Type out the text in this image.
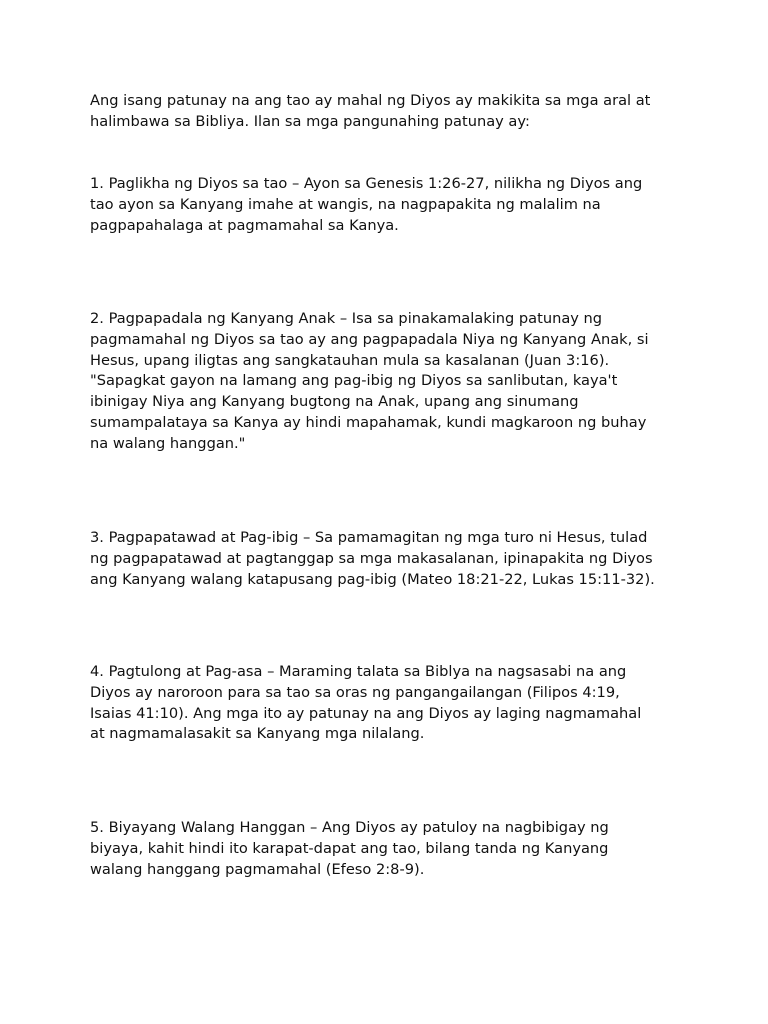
Ang isang patunay na ang tao ay mahal ng Diyos ay makikita sa mga aral at
halimbawa sa Bibliya. Ilan sa mga pangunahing patunay ay:

1. Paglikha ng Diyos sa tao – Ayon sa Genesis 1:26-27, nilikha ng Diyos ang
tao ayon sa Kanyang imahe at wangis, na nagpapakita ng malalim na
pagpapahalaga at pagmamahal sa Kanya.

2. Pagpapadala ng Kanyang Anak – Isa sa pinakamalaking patunay ng
pagmamahal ng Diyos sa tao ay ang pagpapadala Niya ng Kanyang Anak, si
Hesus, upang iligtas ang sangkatauhan mula sa kasalanan (Juan 3:16).
"Sapagkat gayon na lamang ang pag-ibig ng Diyos sa sanlibutan, kaya't
ibinigay Niya ang Kanyang bugtong na Anak, upang ang sinumang
sumampalataya sa Kanya ay hindi mapahamak, kundi magkaroon ng buhay
na walang hanggan."

3. Pagpapatawad at Pag-ibig – Sa pamamagitan ng mga turo ni Hesus, tulad
ng pagpapatawad at pagtanggap sa mga makasalanan, ipinapakita ng Diyos
ang Kanyang walang katapusang pag-ibig (Mateo 18:21-22, Lukas 15:11-32).

4. Pagtulong at Pag-asa – Maraming talata sa Biblya na nagsasabi na ang
Diyos ay naroroon para sa tao sa oras ng pangangailangan (Filipos 4:19,
Isaias 41:10). Ang mga ito ay patunay na ang Diyos ay laging nagmamahal
at nagmamalasakit sa Kanyang mga nilalang.

5. Biyayang Walang Hanggan – Ang Diyos ay patuloy na nagbibigay ng
biyaya, kahit hindi ito karapat-dapat ang tao, bilang tanda ng Kanyang
walang hanggang pagmamahal (Efeso 2:8-9).
